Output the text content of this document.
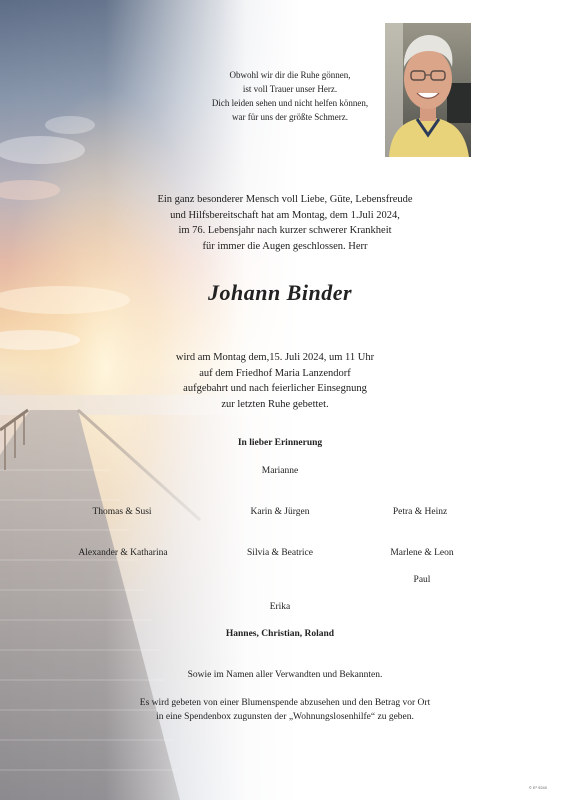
Obwohl wir dir die Ruhe gönnen,
ist voll Trauer unser Herz.
Dich leiden sehen und nicht helfen können,
war für uns der größte Schmerz.
Ein ganz besonderer Mensch voll Liebe, Güte, Lebensfreude
und Hilfsbereitschaft hat am Montag, dem 1.Juli 2024,
im 76. Lebensjahr nach kurzer schwerer Krankheit
für immer die Augen geschlossen. Herr
Johann Binder
wird am Montag dem,15. Juli 2024, um 11 Uhr
auf dem Friedhof Maria Lanzendorf
aufgebahrt und nach feierlicher Einsegnung
zur letzten Ruhe gebettet.
In lieber Erinnerung
Marianne
Thomas & Susi	Karin & Jürgen	Petra & Heinz
Alexander & Katharina	Silvia & Beatrice	Marlene & Leon
Paul
Erika
Hannes, Christian, Roland
Sowie im Namen aller Verwandten und Bekannten.
Es wird gebeten von einer Blumenspende abzusehen und den Betrag vor Ort
in eine Spendenbox zugunsten der „Wohnungslosenhilfe“ zu geben.
© E² 9240
